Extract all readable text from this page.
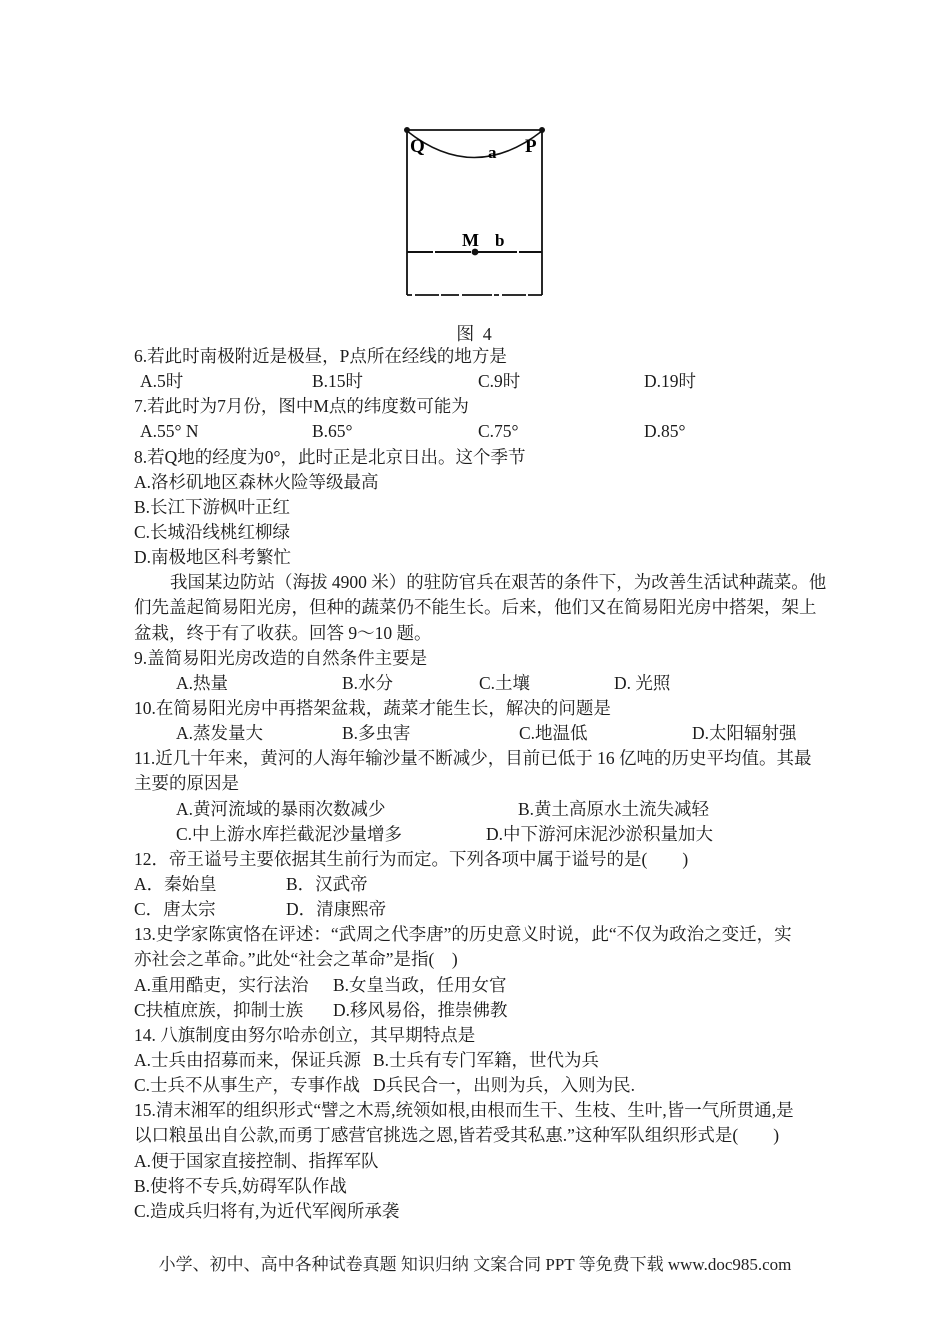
Q	P
a
M b
图 4
6.若此时南极附近是极昼，P点所在经线的地方是
A.5时	B.15时	C.9时	D.19时
7.若此时为7月份，图中M点的纬度数可能为
A.55° N	B.65°	C.75°	D.85°
8.若Q地的经度为0°，此时正是北京日出。这个季节
A.洛杉矶地区森林火险等级最高
B.长江下游枫叶正红
C.长城沿线桃红柳绿
D.南极地区科考繁忙
我国某边防站（海拔 4900 米）的驻防官兵在艰苦的条件下，为改善生活试种蔬菜。他
们先盖起简易阳光房，但种的蔬菜仍不能生长。后来，他们又在简易阳光房中搭架，架上
盆栽，终于有了收获。回答 9～10 题。
9.盖简易阳光房改造的自然条件主要是
A.热量	B.水分	C.土壤	D. 光照
10.在简易阳光房中再搭架盆栽，蔬菜才能生长，解决的问题是
A.蒸发量大	B.多虫害	C.地温低	D.太阳辐射强
11.近几十年来，黄河的人海年输沙量不断减少，目前已低于 16 亿吨的历史平均值。其最
主要的原因是
A.黄河流域的暴雨次数减少	B.黄土高原水土流失减轻
C.中上游水库拦截泥沙量增多	D.中下游河床泥沙淤积量加大
12．帝王谥号主要依据其生前行为而定。下列各项中属于谥号的是(　　)
A．秦始皇	B．汉武帝
C．唐太宗	D．清康熙帝
13.史学家陈寅恪在评述：“武周之代李唐”的历史意义时说，此“不仅为政治之变迁，实
亦社会之革命。”此处“社会之革命”是指(　)
A.重用酷吏，实行法治 B.女皇当政，任用女官
C扶植庶族，抑制士族 D.移风易俗，推崇佛教
14. 八旗制度由努尔哈赤创立，其早期特点是
A.士兵由招募而来，保证兵源 B.士兵有专门军籍，世代为兵
C.士兵不从事生产，专事作战 D兵民合一，出则为兵，入则为民.
15.清末湘军的组织形式“譬之木焉,统领如根,由根而生干、生枝、生叶,皆一气所贯通,是
以口粮虽出自公款,而勇丁感营官挑选之恩,皆若受其私惠.”这种军队组织形式是(　　)
A.便于国家直接控制、指挥军队
B.使将不专兵,妨碍军队作战
C.造成兵归将有,为近代军阀所承袭
小学、初中、高中各种试卷真题 知识归纳 文案合同 PPT 等免费下载 www.doc985.com
